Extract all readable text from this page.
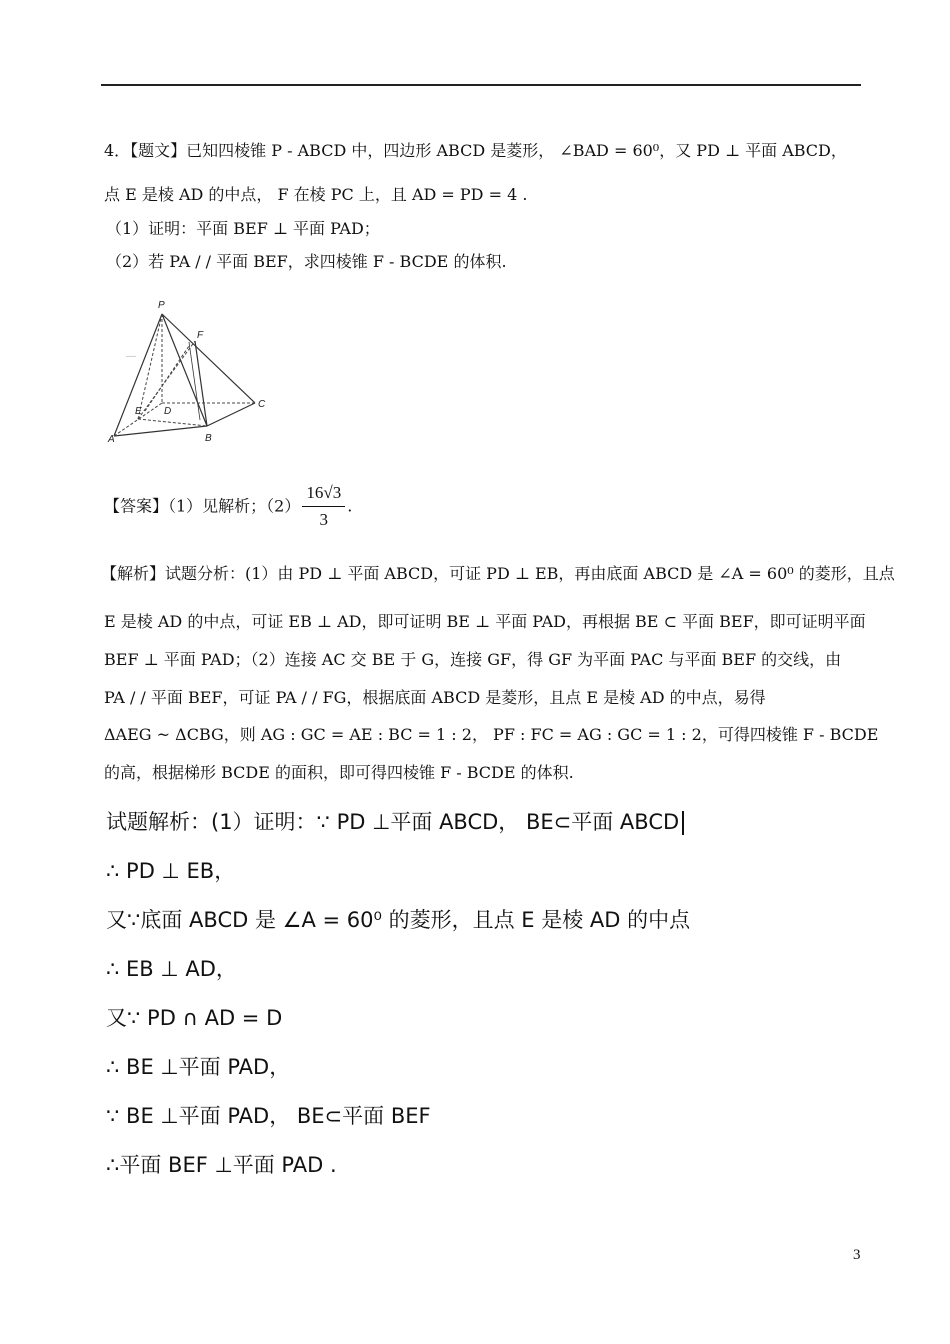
4．【题文】已知四棱锥 P - ABCD 中，四边形 ABCD 是菱形， ∠BAD = 60⁰，又 PD ⊥ 平面 ABCD，
点 E 是棱 AD 的中点， F 在棱 PC 上，且 AD = PD = 4 .
（1）证明：平面 BEF ⊥ 平面 PAD；
（2）若 PA / / 平面 BEF，求四棱锥 F - BCDE 的体积.
P
F
C
E D
A	B
—
【答案】（1）见解析；$(2) \frac{16√3}{3}$ .
【解析】试题分析：(1）由 PD ⊥ 平面 ABCD，可证 PD ⊥ EB，再由底面 ABCD 是 ∠A = 60⁰ 的菱形，且点
E 是棱 AD 的中点，可证 EB ⊥ AD，即可证明 BE ⊥ 平面 PAD，再根据 BE ⊂ 平面 BEF，即可证明平面
BEF ⊥ 平面 PAD；（2）连接 AC 交 BE 于 G，连接 GF，得 GF 为平面 PAC 与平面 BEF 的交线，由
PA / / 平面 BEF，可证 PA / / FG，根据底面 ABCD 是菱形，且点 E 是棱 AD 的中点，易得
ΔAEG ~ ΔCBG，则 AG : GC = AE : BC = 1 : 2， PF : FC = AG : GC = 1 : 2，可得四棱锥 F - BCDE
的高，根据梯形 BCDE 的面积，即可得四棱锥 F - BCDE 的体积.
试题解析：(1）证明：∵ PD ⊥平面 ABCD， BE⊂平面 ABCD
∴ PD ⊥ EB，
又∵底面 ABCD 是 ∠A = 60⁰ 的菱形，且点 E 是棱 AD 的中点
∴ EB ⊥ AD，
又∵ PD ∩ AD = D
∴ BE ⊥平面 PAD，
∵ BE ⊥平面 PAD， BE⊂平面 BEF
∴平面 BEF ⊥平面 PAD .
3
